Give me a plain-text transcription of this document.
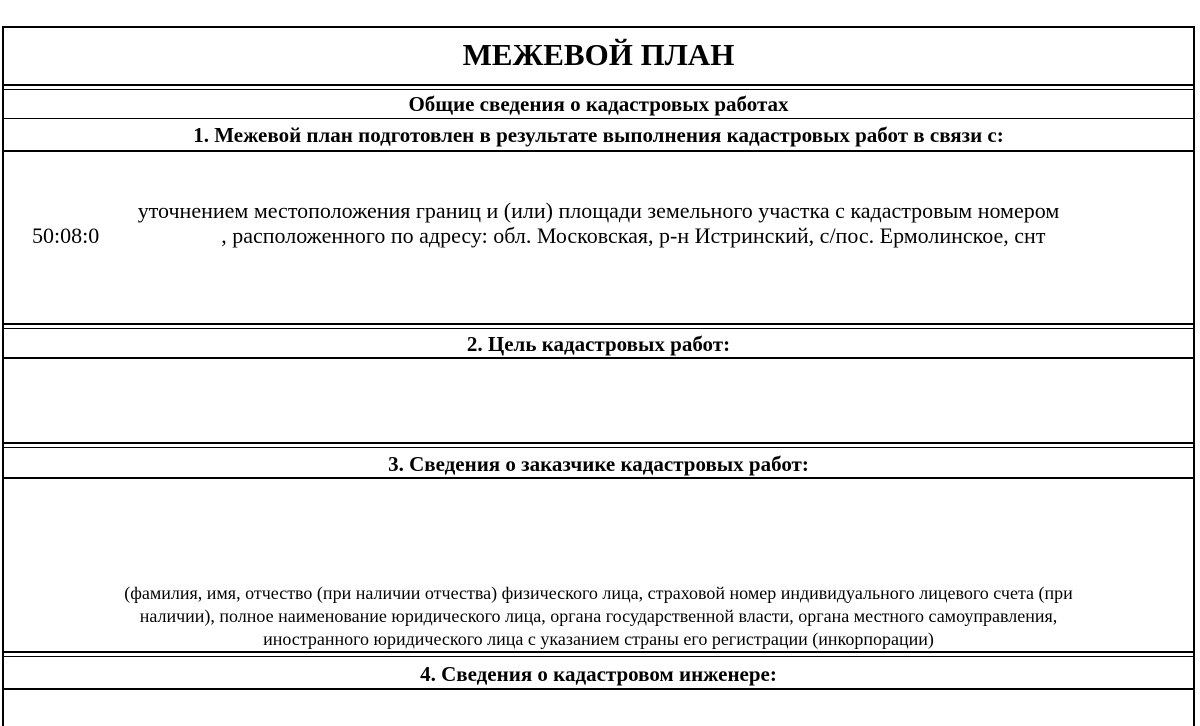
МЕЖЕВОЙ ПЛАН
Общие сведения о кадастровых работах
1. Межевой план подготовлен в результате выполнения кадастровых работ в связи с:
уточнением местоположения границ и (или) площади земельного участка с кадастровым номером
50:08:0	, расположенного по адресу: обл. Московская, р-н Истринский, с/пос. Ермолинское, снт
2. Цель кадастровых работ:
3. Сведения о заказчике кадастровых работ:
(фамилия, имя, отчество (при наличии отчества) физического лица, страховой номер индивидуального лицевого счета (при
наличии), полное наименование юридического лица, органа государственной власти, органа местного самоуправления,
иностранного юридического лица с указанием страны его регистрации (инкорпорации)
4. Сведения о кадастровом инженере:
